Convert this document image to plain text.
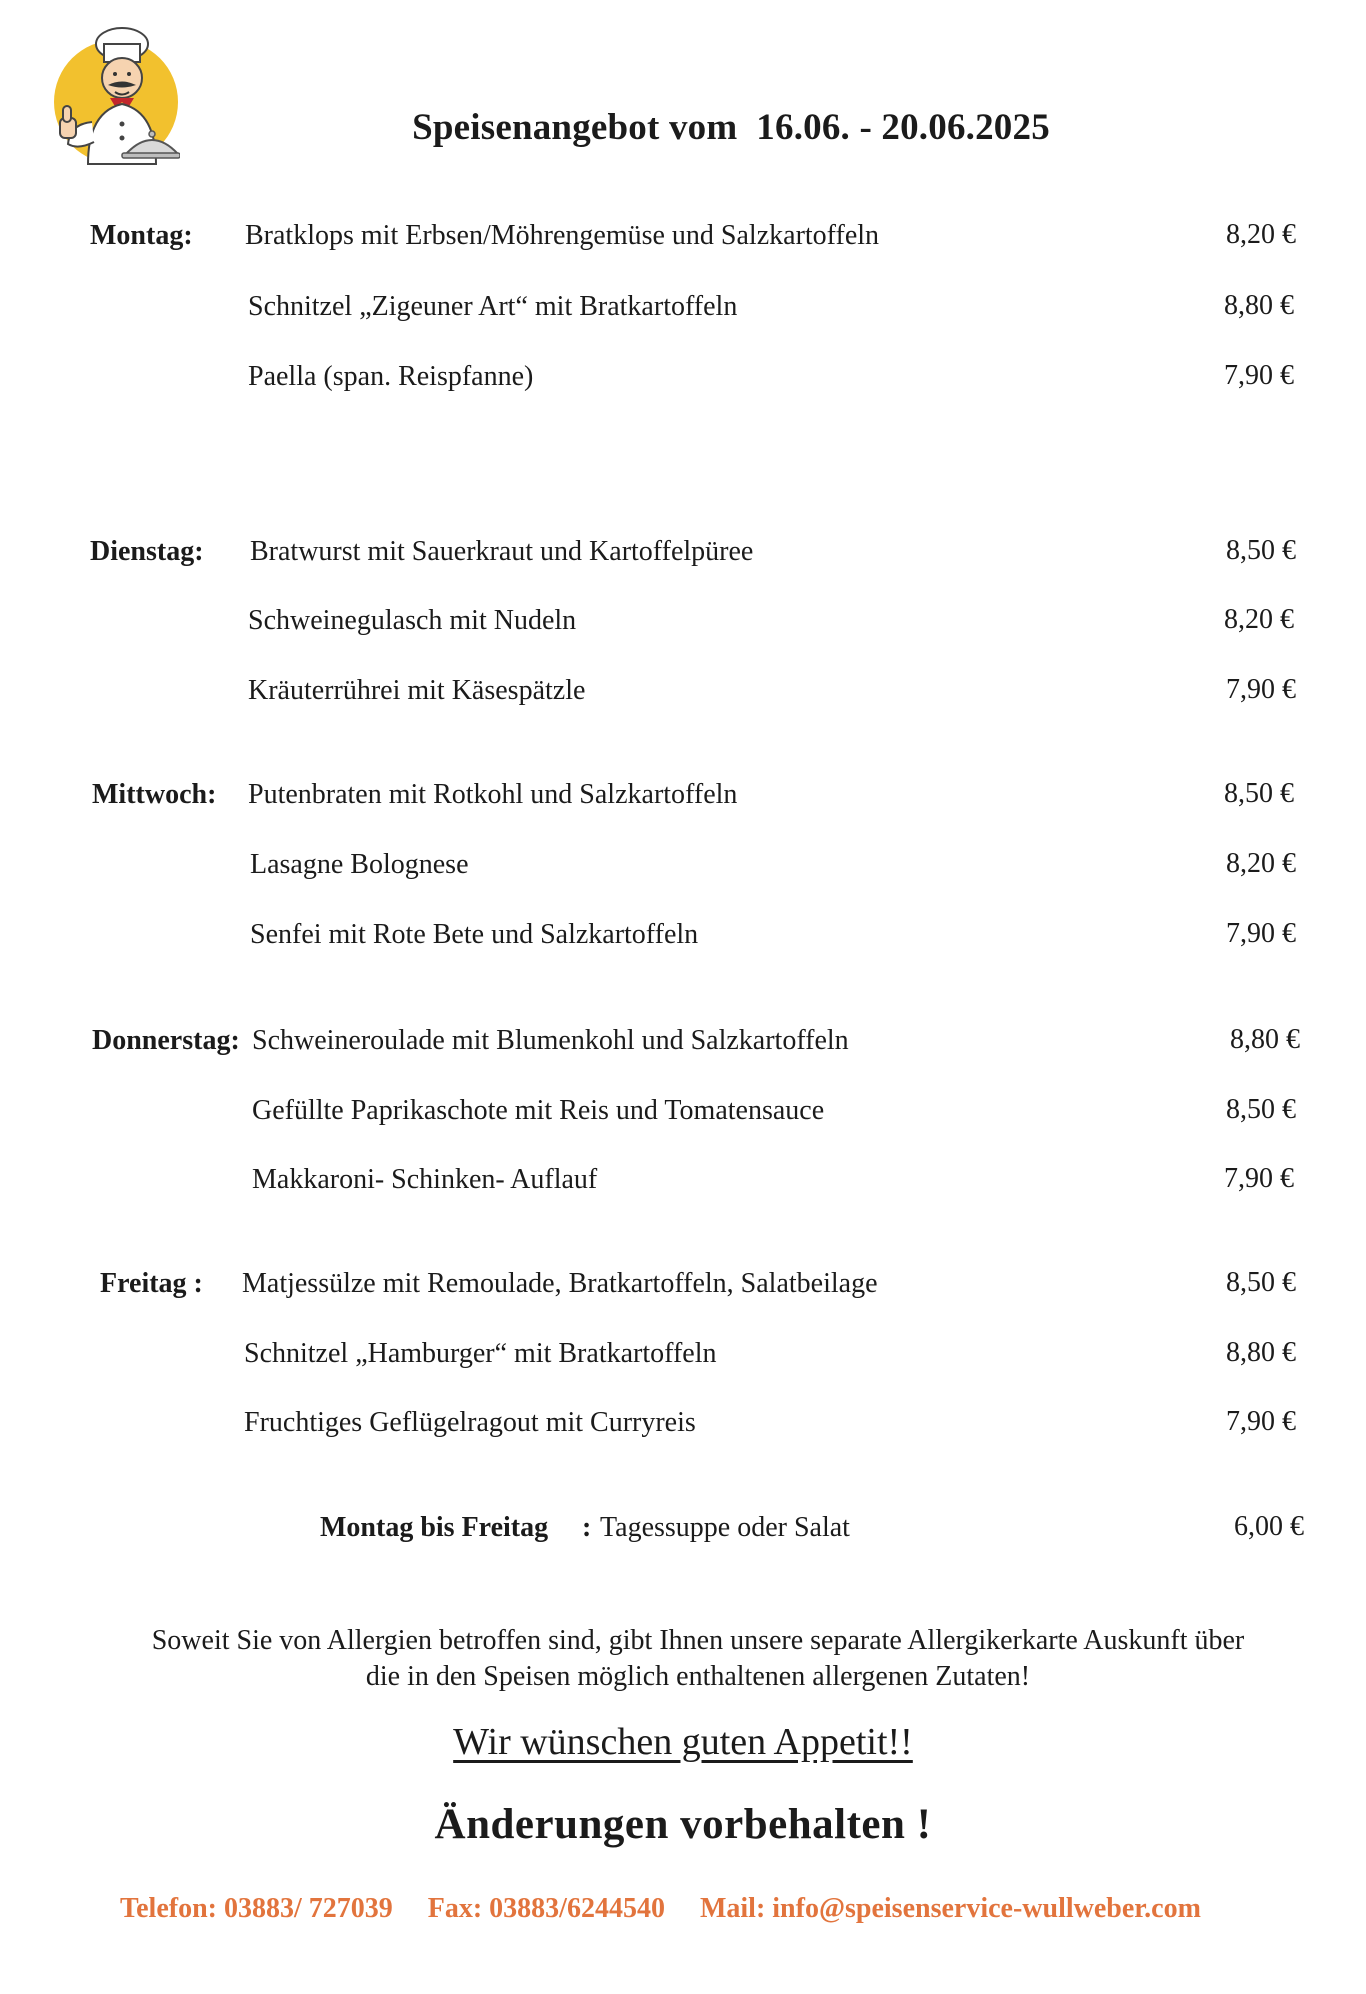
Speisenangebot vom  16.06. - 20.06.2025
Montag: Bratklops mit Erbsen/Möhrengemüse und Salzkartoffeln	8,20 €
Schnitzel „Zigeuner Art“ mit Bratkartoffeln	8,80 €
Paella (span. Reispfanne)	7,90 €
Dienstag: Bratwurst mit Sauerkraut und Kartoffelpüree	8,50 €
Schweinegulasch mit Nudeln	8,20 €
Kräuterrührei mit Käsespätzle	7,90 €
Mittwoch: Putenbraten mit Rotkohl und Salzkartoffeln	8,50 €
Lasagne Bolognese	8,20 €
Senfei mit Rote Bete und Salzkartoffeln	7,90 €
Donnerstag: Schweineroulade mit Blumenkohl und Salzkartoffeln	8,80 €
Gefüllte Paprikaschote mit Reis und Tomatensauce	8,50 €
Makkaroni- Schinken- Auflauf	7,90 €
Freitag : Matjessülze mit Remoulade, Bratkartoffeln, Salatbeilage	8,50 €
Schnitzel „Hamburger“ mit Bratkartoffeln	8,80 €
Fruchtiges Geflügelragout mit Curryreis	7,90 €
Montag bis Freitag : Tagessuppe oder Salat	6,00 €
Soweit Sie von Allergien betroffen sind, gibt Ihnen unsere separate Allergikerkarte Auskunft über
die in den Speisen möglich enthaltenen allergenen Zutaten!
Wir wünschen guten Appetit!!
Änderungen vorbehalten !
Telefon: 03883/ 727039 Fax: 03883/6244540 Mail: info@speisenservice-wullweber.com
